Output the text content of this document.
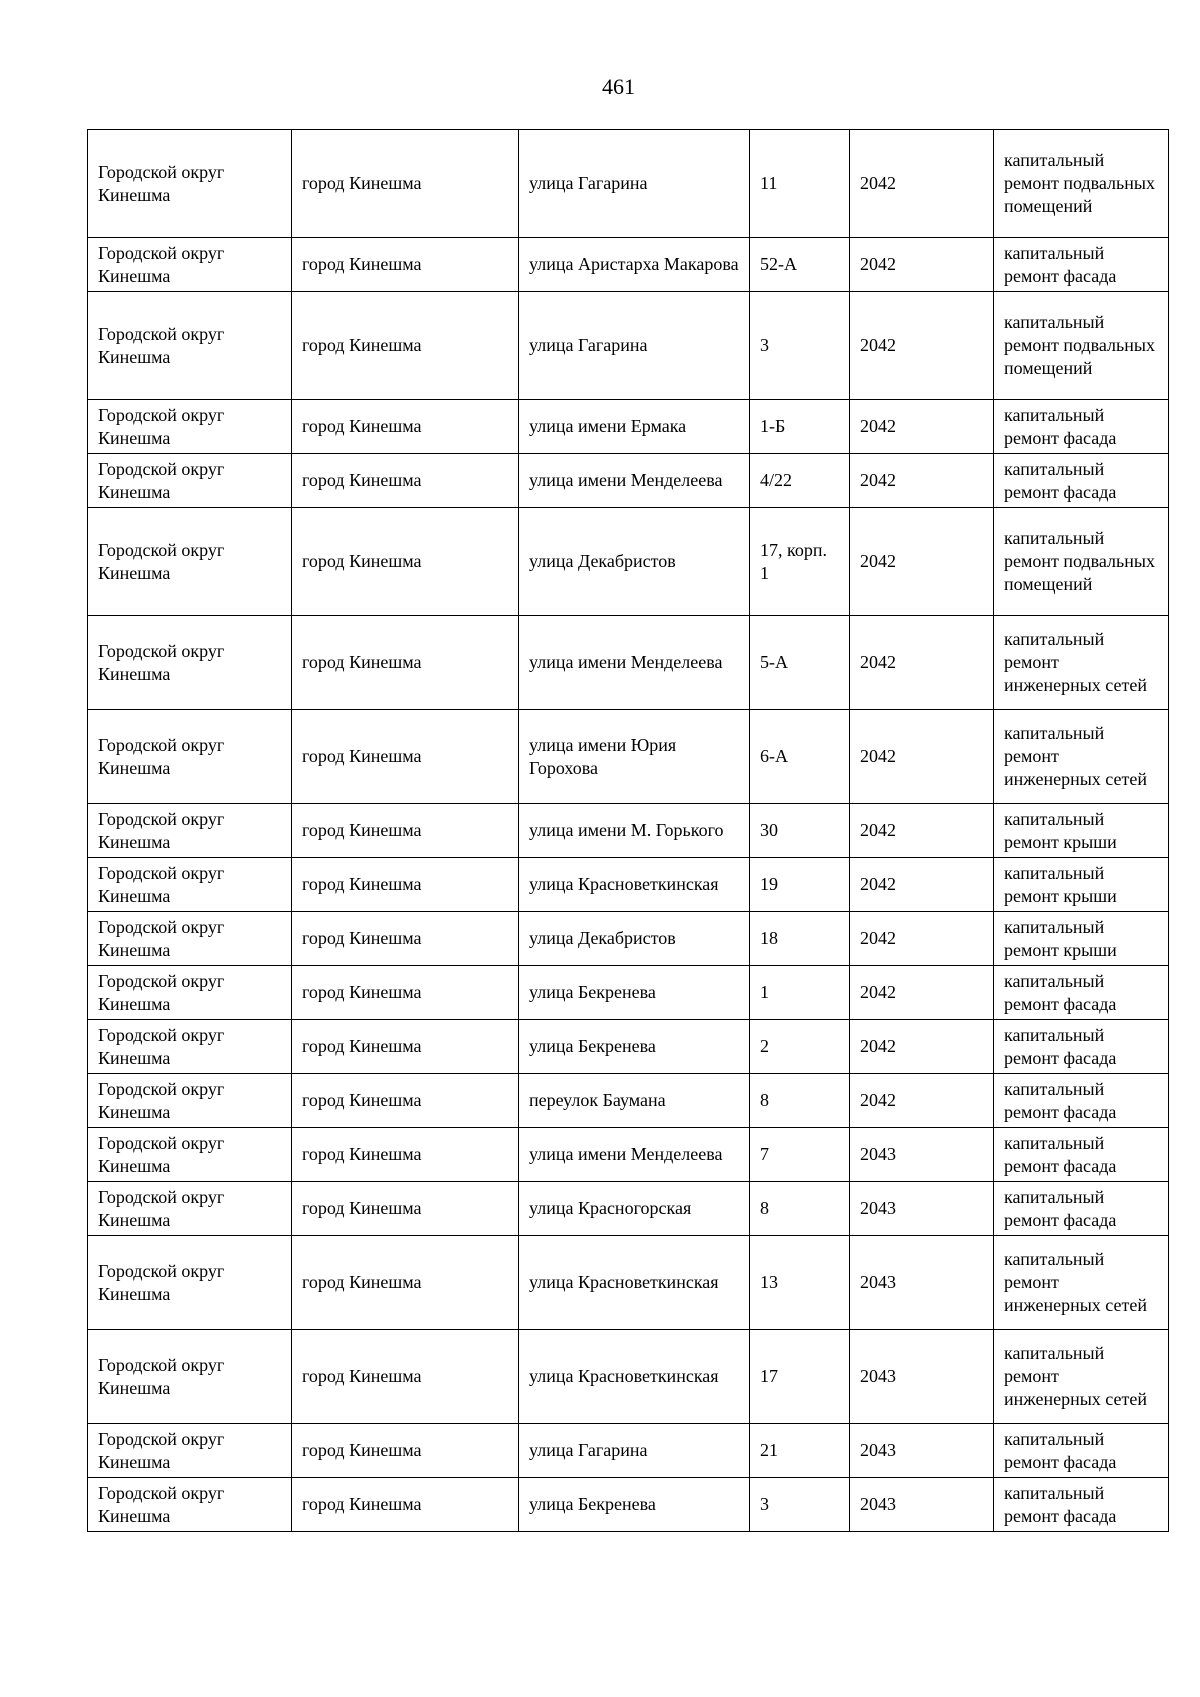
461
Городской округ Кинешма	город Кинешма	улица Гагарина	11	2042	капитальный ремонт подвальных помещений
Городской округ Кинешма	город Кинешма	улица Аристарха Макарова	52-А	2042	капитальный ремонт фасада
Городской округ Кинешма	город Кинешма	улица Гагарина	3	2042	капитальный ремонт подвальных помещений
Городской округ Кинешма	город Кинешма	улица имени Ермака	1-Б	2042	капитальный ремонт фасада
Городской округ Кинешма	город Кинешма	улица имени Менделеева	4/22	2042	капитальный ремонт фасада
Городской округ Кинешма	город Кинешма	улица Декабристов	17, корп. 1	2042	капитальный ремонт подвальных помещений
Городской округ Кинешма	город Кинешма	улица имени Менделеева	5-А	2042	капитальный ремонт инженерных сетей
Городской округ Кинешма	город Кинешма	улица имени Юрия Горохова	6-А	2042	капитальный ремонт инженерных сетей
Городской округ Кинешма	город Кинешма	улица имени М. Горького	30	2042	капитальный ремонт крыши
Городской округ Кинешма	город Кинешма	улица Красноветкинская	19	2042	капитальный ремонт крыши
Городской округ Кинешма	город Кинешма	улица Декабристов	18	2042	капитальный ремонт крыши
Городской округ Кинешма	город Кинешма	улица Бекренева	1	2042	капитальный ремонт фасада
Городской округ Кинешма	город Кинешма	улица Бекренева	2	2042	капитальный ремонт фасада
Городской округ Кинешма	город Кинешма	переулок Баумана	8	2042	капитальный ремонт фасада
Городской округ Кинешма	город Кинешма	улица имени Менделеева	7	2043	капитальный ремонт фасада
Городской округ Кинешма	город Кинешма	улица Красногорская	8	2043	капитальный ремонт фасада
Городской округ Кинешма	город Кинешма	улица Красноветкинская	13	2043	капитальный ремонт инженерных сетей
Городской округ Кинешма	город Кинешма	улица Красноветкинская	17	2043	капитальный ремонт инженерных сетей
Городской округ Кинешма	город Кинешма	улица Гагарина	21	2043	капитальный ремонт фасада
Городской округ Кинешма	город Кинешма	улица Бекренева	3	2043	капитальный ремонт фасада
